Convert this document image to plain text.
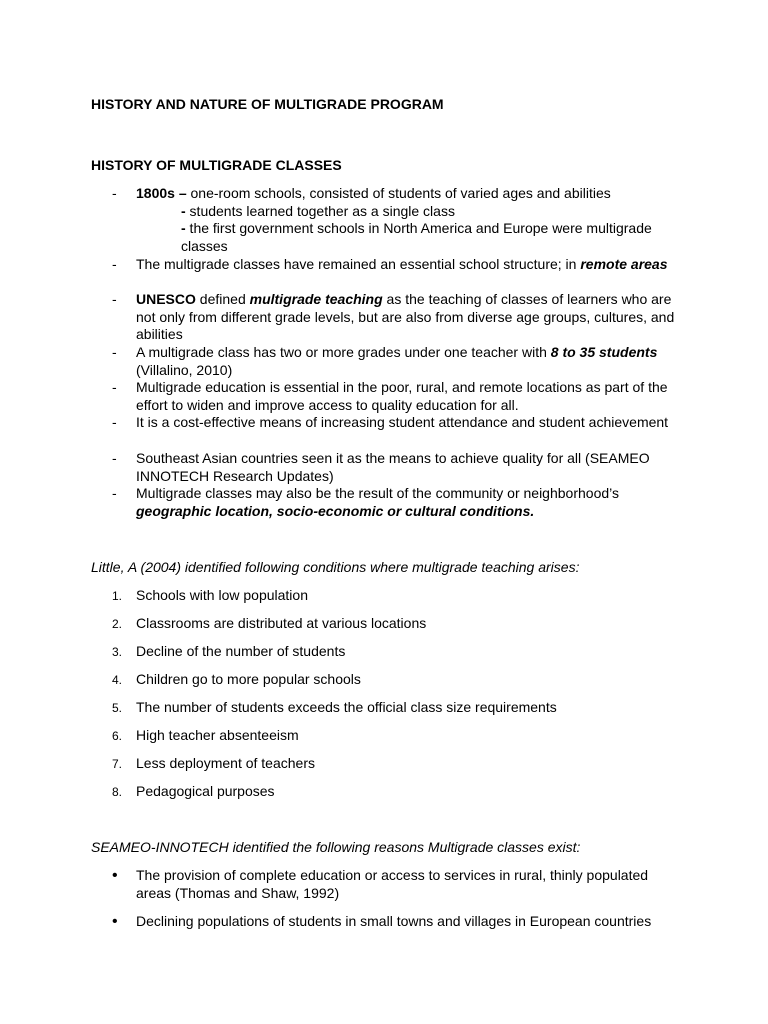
HISTORY AND NATURE OF MULTIGRADE PROGRAM
HISTORY OF MULTIGRADE CLASSES
-	1800s – one-room schools, consisted of students of varied ages and abilities
- students learned together as a single class
- the first government schools in North America and Europe were multigrade classes
-	The multigrade classes have remained an essential school structure; in remote areas
-	UNESCO defined multigrade teaching as the teaching of classes of learners who are not only from different grade levels, but are also from diverse age groups, cultures, and abilities
-	A multigrade class has two or more grades under one teacher with 8 to 35 students (Villalino, 2010)
-	Multigrade education is essential in the poor, rural, and remote locations as part of the effort to widen and improve access to quality education for all.
-	It is a cost-effective means of increasing student attendance and student achievement
-	Southeast Asian countries seen it as the means to achieve quality for all (SEAMEO INNOTECH Research Updates)
-	Multigrade classes may also be the result of the community or neighborhood’s geographic location, socio-economic or cultural conditions.
Little, A (2004) identified following conditions where multigrade teaching arises:
1. Schools with low population
2. Classrooms are distributed at various locations
3. Decline of the number of students
4. Children go to more popular schools
5. The number of students exceeds the official class size requirements
6. High teacher absenteeism
7. Less deployment of teachers
8. Pedagogical purposes
SEAMEO-INNOTECH identified the following reasons Multigrade classes exist:
•	The provision of complete education or access to services in rural, thinly populated areas (Thomas and Shaw, 1992)
•	Declining populations of students in small towns and villages in European countries
